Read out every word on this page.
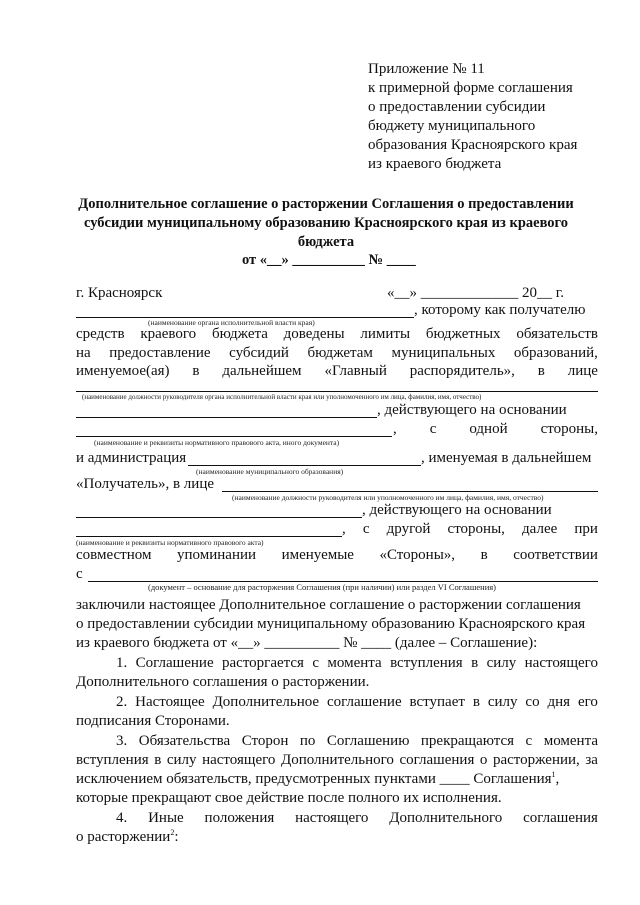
Приложение № 11
к примерной форме соглашения
о предоставлении субсидии
бюджету муниципального
образования Красноярского края
из краевого бюджета
Дополнительное соглашение о расторжении Соглашения о предоставлении
субсидии муниципальному образованию Красноярского края из краевого
бюджета
от «__» __________ № ____
г. Красноярск	«__» _____________ 20__ г.
, которому как получателю
(наименование органа исполнительной власти края)
средств краевого бюджета доведены лимиты бюджетных обязательств
на предоставление субсидий бюджетам муниципальных образований,
именуемое(ая) в дальнейшем «Главный распорядитель», в лице
(наименование должности руководителя органа исполнительной власти края или уполномоченного им лица, фамилия, имя, отчество)
, действующего на основании
, с одной стороны,
(наименование и реквизиты нормативного правового акта, иного документа)
и администрация	, именуемая в дальнейшем
(наименование муниципального образования)
«Получатель», в лице
(наименование должности руководителя или уполномоченного им лица, фамилия, имя, отчество)
, действующего на основании
, с другой стороны, далее при
(наименование и реквизиты нормативного правового акта)
совместном упоминании именуемые «Стороны», в соответствии
с
(документ – основание для расторжения Соглашения (при наличии) или раздел VI Соглашения)
заключили настоящее Дополнительное соглашение о расторжении соглашения
о предоставлении субсидии муниципальному образованию Красноярского края
из краевого бюджета от «__» __________ № ____ (далее – Соглашение):
1. Соглашение расторгается с момента вступления в силу настоящего
Дополнительного соглашения о расторжении.
2. Настоящее Дополнительное соглашение вступает в силу со дня его
подписания Сторонами.
3. Обязательства Сторон по Соглашению прекращаются с момента
вступления в силу настоящего Дополнительного соглашения о расторжении, за
исключением обязательств, предусмотренных пунктами ____ Соглашения$^1$,
которые прекращают свое действие после полного их исполнения.
4. Иные положения настоящего Дополнительного соглашения
о расторжении$^2$:
